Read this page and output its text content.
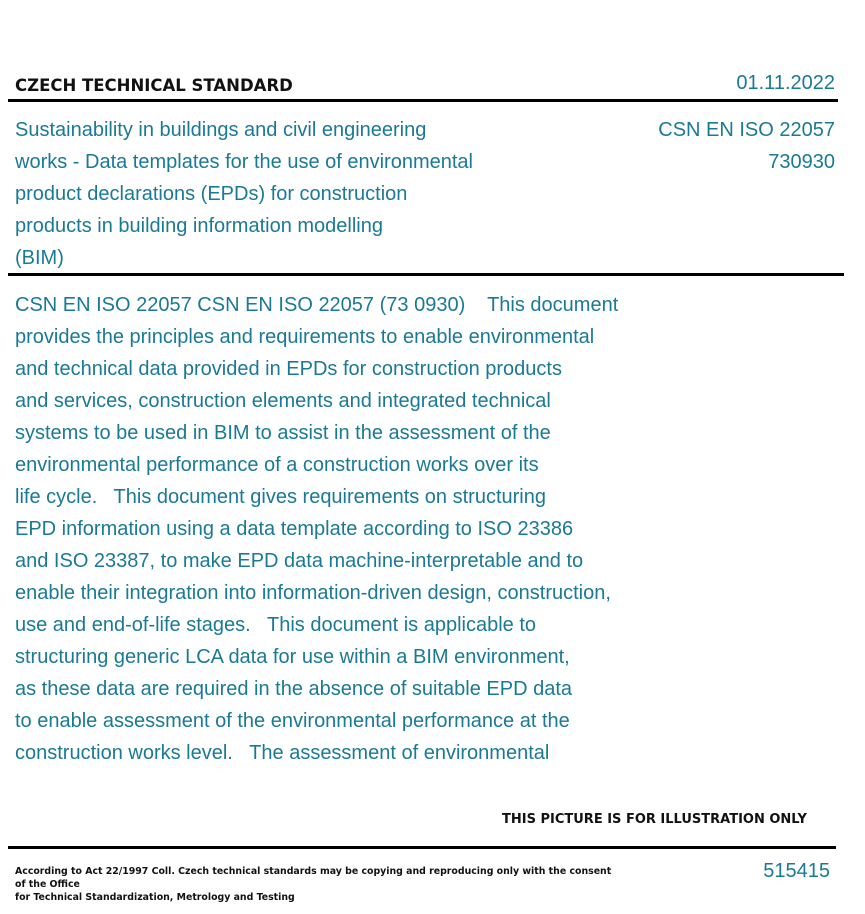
CZECH TECHNICAL STANDARD	01.11.2022
Sustainability in buildings and civil engineering
works - Data templates for the use of environmental
product declarations (EPDs) for construction
products in building information modelling
(BIM)
CSN EN ISO 22057
730930

CSN EN ISO 22057 CSN EN ISO 22057 (73 0930)    This document

provides the principles and requirements to enable environmental

and technical data provided in EPDs for construction products

and services, construction elements and integrated technical

systems to be used in BIM to assist in the assessment of the

environmental performance of a construction works over its

life cycle.   This document gives requirements on structuring

EPD information using a data template according to ISO 23386

and ISO 23387, to make EPD data machine-interpretable and to

enable their integration into information-driven design, construction,

use and end-of-life stages.   This document is applicable to

structuring generic LCA data for use within a BIM environment,

as these data are required in the absence of suitable EPD data

to enable assessment of the environmental performance at the

construction works level.   The assessment of environmental

THIS PICTURE IS FOR ILLUSTRATION ONLY
According to Act 22/1997 Coll. Czech technical standards may be copying and reproducing only with the consent of the Office
for Technical Standardization, Metrology and Testing
515415
